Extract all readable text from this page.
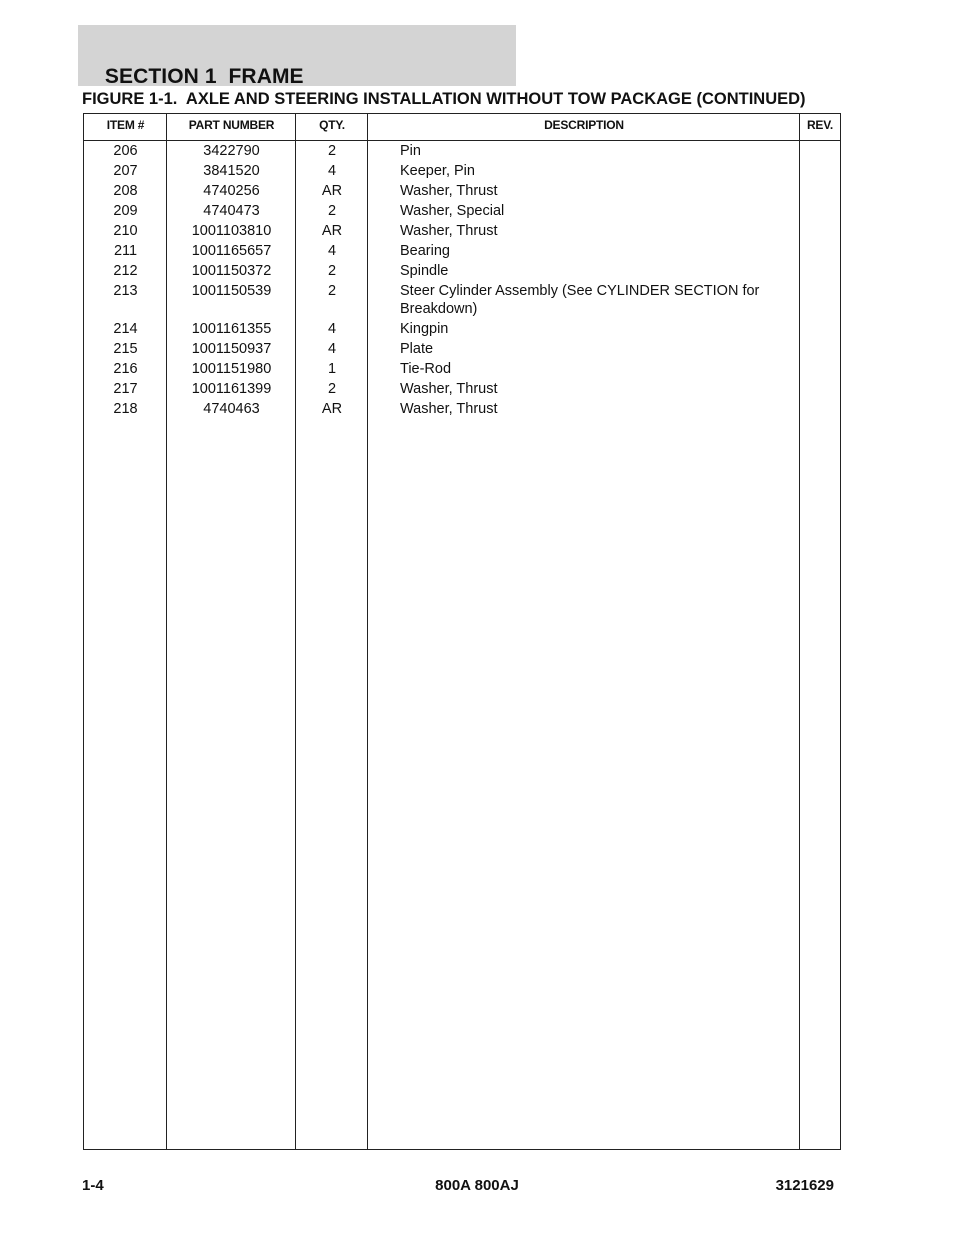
SECTION 1  FRAME

FIGURE 1-1.  AXLE AND STEERING INSTALLATION WITHOUT TOW PACKAGE (CONTINUED)
ITEM #	PART NUMBER	QTY.	DESCRIPTION	REV.
206	3422790	2	Pin
207	3841520	4	Keeper, Pin
208	4740256	AR	Washer, Thrust
209	4740473	2	Washer, Special
210	1001103810	AR	Washer, Thrust
211	1001165657	4	Bearing
212	1001150372	2	Spindle
213	1001150539	2	Steer Cylinder Assembly (See CYLINDER SECTION for Breakdown)
214	1001161355	4	Kingpin
215	1001150937	4	Plate
216	1001151980	1	Tie-Rod
217	1001161399	2	Washer, Thrust
218	4740463	AR	Washer, Thrust
1-4	800A 800AJ	3121629
